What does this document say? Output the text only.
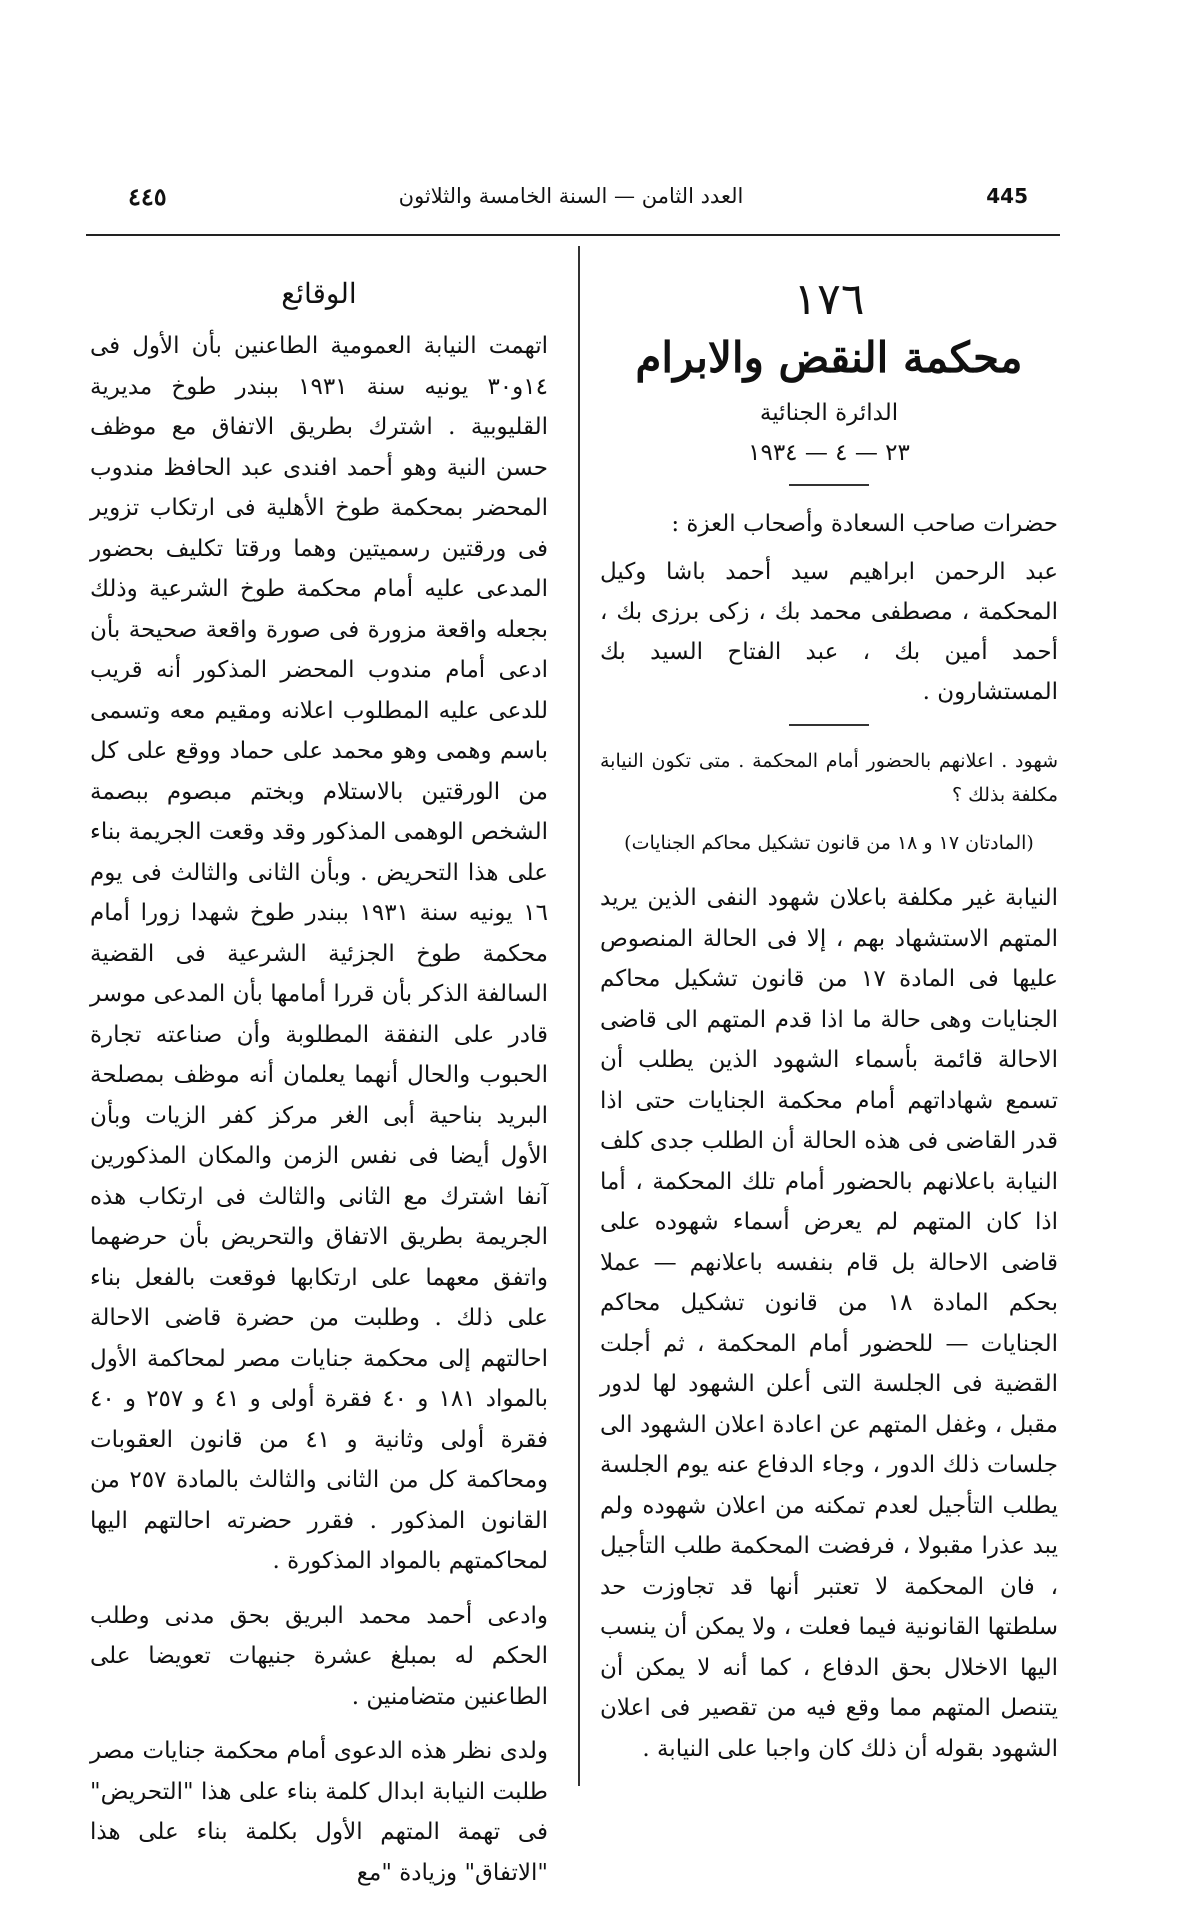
٤٤٥	العدد الثامن — السنة الخامسة والثلاثون	445

١٧٦

محكمة النقض والابرام

الدائرة الجنائية

٢٣ — ٤ — ١٩٣٤

حضرات صاحب السعادة وأصحاب العزة :

عبد الرحمن ابراهيم سيد أحمد باشا وكيل المحكمة ، مصطفى محمد بك ، زكى برزى بك ، أحمد أمين بك ، عبد الفتاح السيد بك المستشارون .

شهود . اعلانهم بالحضور أمام المحكمة . متى تكون النيابة مكلفة بذلك ؟

(المادتان ١٧ و ١٨ من قانون تشكيل محاكم الجنايات)

النيابة غير مكلفة باعلان شهود النفى الذين يريد المتهم الاستشهاد بهم ، إلا فى الحالة المنصوص عليها فى المادة ١٧ من قانون تشكيل محاكم الجنايات وهى حالة ما اذا قدم المتهم الى قاضى الاحالة قائمة بأسماء الشهود الذين يطلب أن تسمع شهاداتهم أمام محكمة الجنايات حتى اذا قدر القاضى فى هذه الحالة أن الطلب جدى كلف النيابة باعلانهم بالحضور أمام تلك المحكمة ، أما اذا كان المتهم لم يعرض أسماء شهوده على قاضى الاحالة بل قام بنفسه باعلانهم — عملا بحكم المادة ١٨ من قانون تشكيل محاكم الجنايات — للحضور أمام المحكمة ، ثم أجلت القضية فى الجلسة التى أعلن الشهود لها لدور مقبل ، وغفل المتهم عن اعادة اعلان الشهود الى جلسات ذلك الدور ، وجاء الدفاع عنه يوم الجلسة يطلب التأجيل لعدم تمكنه من اعلان شهوده ولم يبد عذرا مقبولا ، فرفضت المحكمة طلب التأجيل ، فان المحكمة لا تعتبر أنها قد تجاوزت حد سلطتها القانونية فيما فعلت ، ولا يمكن أن ينسب اليها الاخلال بحق الدفاع ، كما أنه لا يمكن أن يتنصل المتهم مما وقع فيه من تقصير فى اعلان الشهود بقوله أن ذلك كان واجبا على النيابة .

الوقائع

اتهمت النيابة العمومية الطاعنين بأن الأول فى ١٤و٣٠ يونيه سنة ١٩٣١ ببندر طوخ مديرية القليوبية . اشترك بطريق الاتفاق مع موظف حسن النية وهو أحمد افندى عبد الحافظ مندوب المحضر بمحكمة طوخ الأهلية فى ارتكاب تزوير فى ورقتين رسميتين وهما ورقتا تكليف بحضور المدعى عليه أمام محكمة طوخ الشرعية وذلك بجعله واقعة مزورة فى صورة واقعة صحيحة بأن ادعى أمام مندوب المحضر المذكور أنه قريب للدعى عليه المطلوب اعلانه ومقيم معه وتسمى باسم وهمى وهو محمد على حماد ووقع على كل من الورقتين بالاستلام وبختم مبصوم ببصمة الشخص الوهمى المذكور وقد وقعت الجريمة بناء على هذا التحريض . وبأن الثانى والثالث فى يوم ١٦ يونيه سنة ١٩٣١ ببندر طوخ شهدا زورا أمام محكمة طوخ الجزئية الشرعية فى القضية السالفة الذكر بأن قررا أمامها بأن المدعى موسر قادر على النفقة المطلوبة وأن صناعته تجارة الحبوب والحال أنهما يعلمان أنه موظف بمصلحة البريد بناحية أبى الغر مركز كفر الزيات وبأن الأول أيضا فى نفس الزمن والمكان المذكورين آنفا اشترك مع الثانى والثالث فى ارتكاب هذه الجريمة بطريق الاتفاق والتحريض بأن حرضهما واتفق معهما على ارتكابها فوقعت بالفعل بناء على ذلك . وطلبت من حضرة قاضى الاحالة احالتهم إلى محكمة جنايات مصر لمحاكمة الأول بالمواد ١٨١ و ٤٠ فقرة أولى و ٤١ و ٢٥٧ و ٤٠ فقرة أولى وثانية و ٤١ من قانون العقوبات ومحاكمة كل من الثانى والثالث بالمادة ٢٥٧ من القانون المذكور . فقرر حضرته احالتهم اليها لمحاكمتهم بالمواد المذكورة .

وادعى أحمد محمد البريق بحق مدنى وطلب الحكم له بمبلغ عشرة جنيهات تعويضا على الطاعنين متضامنين .

ولدى نظر هذه الدعوى أمام محكمة جنايات مصر طلبت النيابة ابدال كلمة بناء على هذا "التحريض" فى تهمة المتهم الأول بكلمة بناء على هذا "الاتفاق" وزيادة "مع
